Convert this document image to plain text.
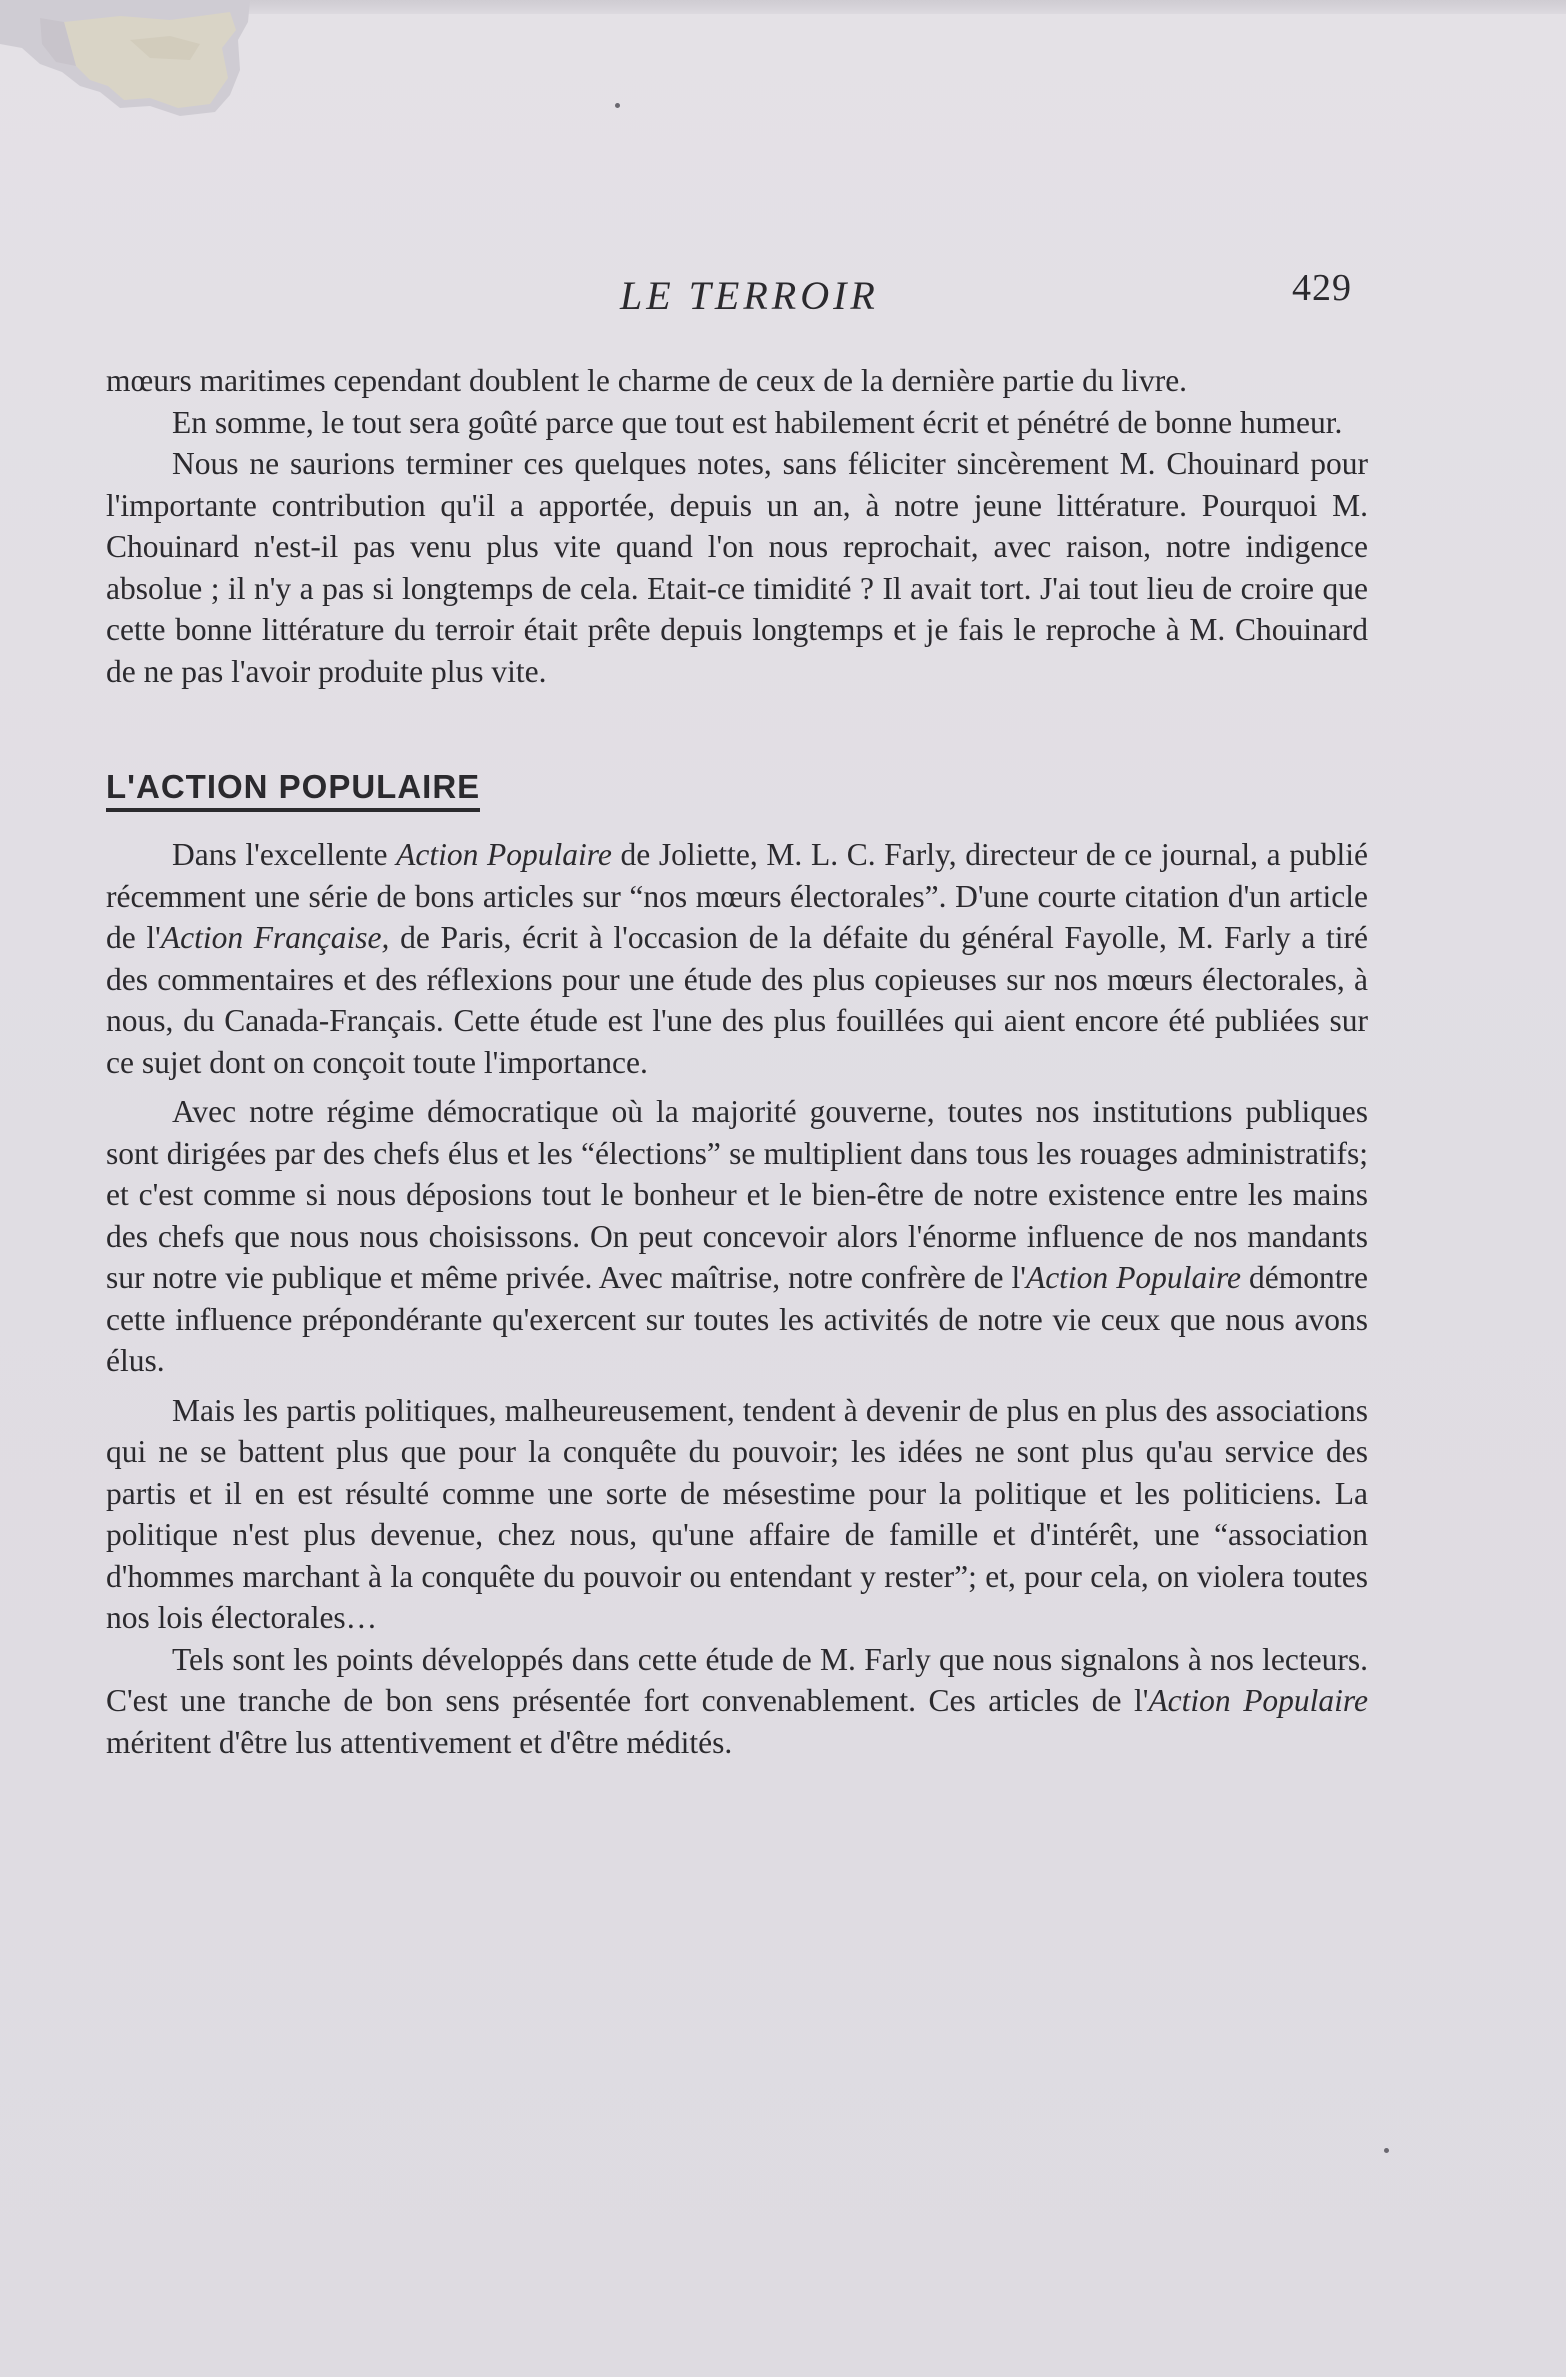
LE TERROIR	429

mœurs maritimes cependant doublent le charme de ceux de la dernière partie du livre.

En somme, le tout sera goûté parce que tout est habilement écrit et pénétré de bonne humeur.

Nous ne saurions terminer ces quelques notes, sans féliciter sincèrement M. Chouinard pour l'importante contribution qu'il a apportée, depuis un an, à notre jeune littérature. Pourquoi M. Chouinard n'est-il pas venu plus vite quand l'on nous reprochait, avec raison, notre indigence absolue ; il n'y a pas si longtemps de cela. Etait-ce timidité ? Il avait tort. J'ai tout lieu de croire que cette bonne littérature du terroir était prête depuis longtemps et je fais le reproche à M. Chouinard de ne pas l'avoir produite plus vite.

L'ACTION POPULAIRE

Dans l'excellente Action Populaire de Joliette, M. L. C. Farly, directeur de ce journal, a publié récemment une série de bons articles sur “nos mœurs électorales”. D'une courte citation d'un article de l'Action Française, de Paris, écrit à l'occasion de la défaite du général Fayolle, M. Farly a tiré des commentaires et des réflexions pour une étude des plus copieuses sur nos mœurs électorales, à nous, du Canada-Français. Cette étude est l'une des plus fouillées qui aient encore été publiées sur ce sujet dont on conçoit toute l'importance.

Avec notre régime démocratique où la majorité gouverne, toutes nos institutions publiques sont dirigées par des chefs élus et les “élections” se multiplient dans tous les rouages administratifs; et c'est comme si nous déposions tout le bonheur et le bien-être de notre existence entre les mains des chefs que nous nous choisissons. On peut concevoir alors l'énorme influence de nos mandants sur notre vie publique et même privée. Avec maîtrise, notre confrère de l'Action Populaire démontre cette influence prépondérante qu'exercent sur toutes les activités de notre vie ceux que nous avons élus.

Mais les partis politiques, malheureusement, tendent à devenir de plus en plus des associations qui ne se battent plus que pour la conquête du pouvoir; les idées ne sont plus qu'au service des partis et il en est résulté comme une sorte de mésestime pour la politique et les politiciens. La politique n'est plus devenue, chez nous, qu'une affaire de famille et d'intérêt, une “association d'hommes marchant à la conquête du pouvoir ou entendant y rester”; et, pour cela, on violera toutes nos lois électorales…

Tels sont les points développés dans cette étude de M. Farly que nous signalons à nos lecteurs. C'est une tranche de bon sens présentée fort convenablement. Ces articles de l'Action Populaire méritent d'être lus attentivement et d'être médités.
